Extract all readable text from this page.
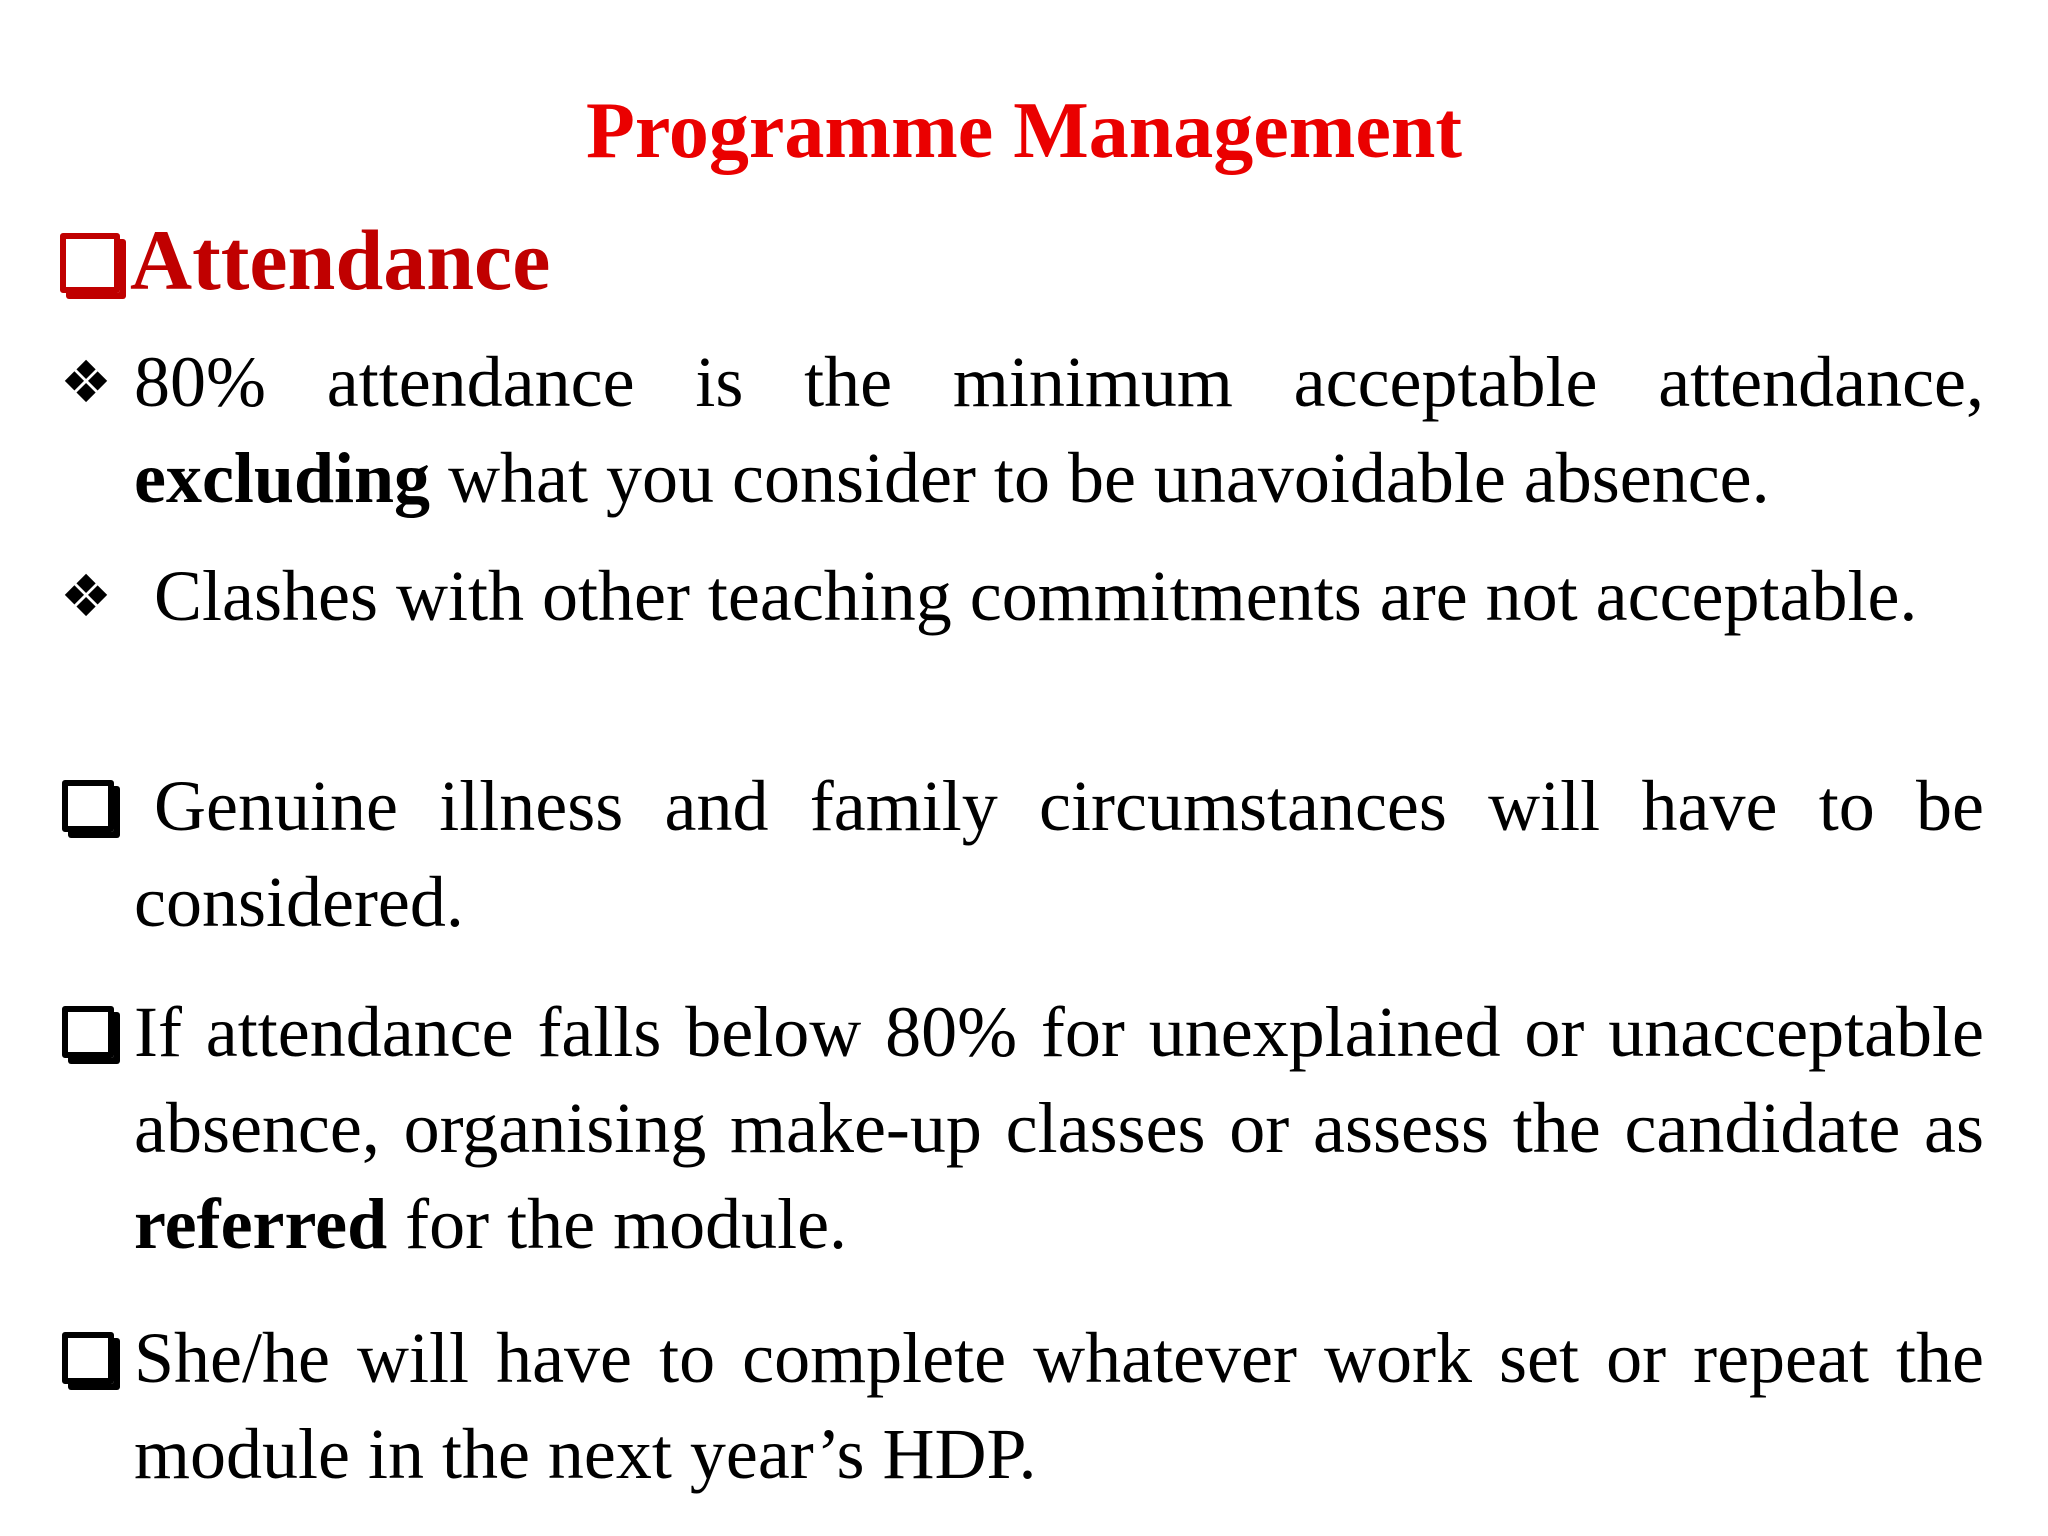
Programme Management
Attendance
❖ 80% attendance is the minimum acceptable attendance, excluding what you consider to be unavoidable absence.
❖ Clashes with other teaching commitments are not acceptable.
Genuine illness and family circumstances will have to be considered.
If attendance falls below 80% for unexplained or unacceptable absence, organising make-up classes or assess the candidate as referred for the module.
She/he will have to complete whatever work set or repeat the module in the next year’s HDP.
